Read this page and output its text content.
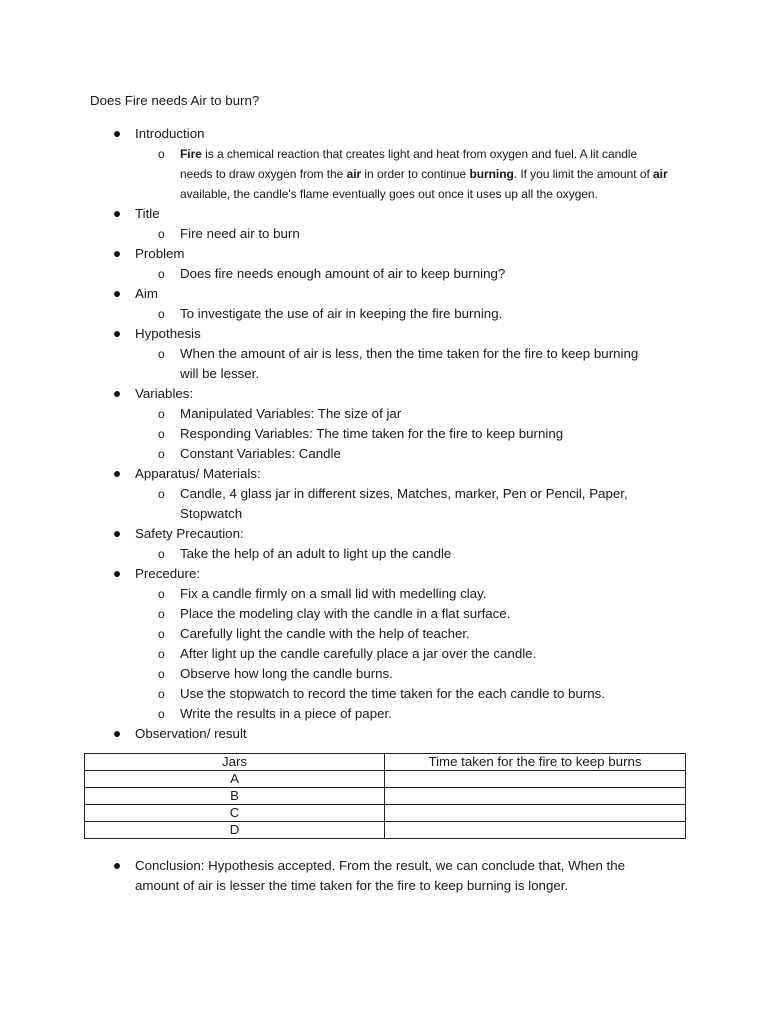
Does Fire needs Air to burn?
Introduction
o Fire is a chemical reaction that creates light and heat from oxygen and fuel. A lit candle needs to draw oxygen from the air in order to continue burning. If you limit the amount of air available, the candle's flame eventually goes out once it uses up all the oxygen.
Title
o Fire need air to burn
Problem
o Does fire needs enough amount of air to keep burning?
Aim
o To investigate the use of air in keeping the fire burning.
Hypothesis
o When the amount of air is less, then the time taken for the fire to keep burning will be lesser.
Variables:
o Manipulated Variables: The size of jar
o Responding Variables: The time taken for the fire to keep burning
o Constant Variables: Candle
Apparatus/ Materials:
o Candle, 4 glass jar in different sizes, Matches, marker, Pen or Pencil, Paper, Stopwatch
Safety Precaution:
o Take the help of an adult to light up the candle
Precedure:
o Fix a candle firmly on a small lid with medelling clay.
o Place the modeling clay with the candle in a flat surface.
o Carefully light the candle with the help of teacher.
o After light up the candle carefully place a jar over the candle.
o Observe how long the candle burns.
o Use the stopwatch to record the time taken for the each candle to burns.
o Write the results in a piece of paper.
Observation/ result
Jars	Time taken for the fire to keep burns
A	
B	
C	
D	
Conclusion: Hypothesis accepted. From the result, we can conclude that, When the amount of air is lesser the time taken for the fire to keep burning is longer.
